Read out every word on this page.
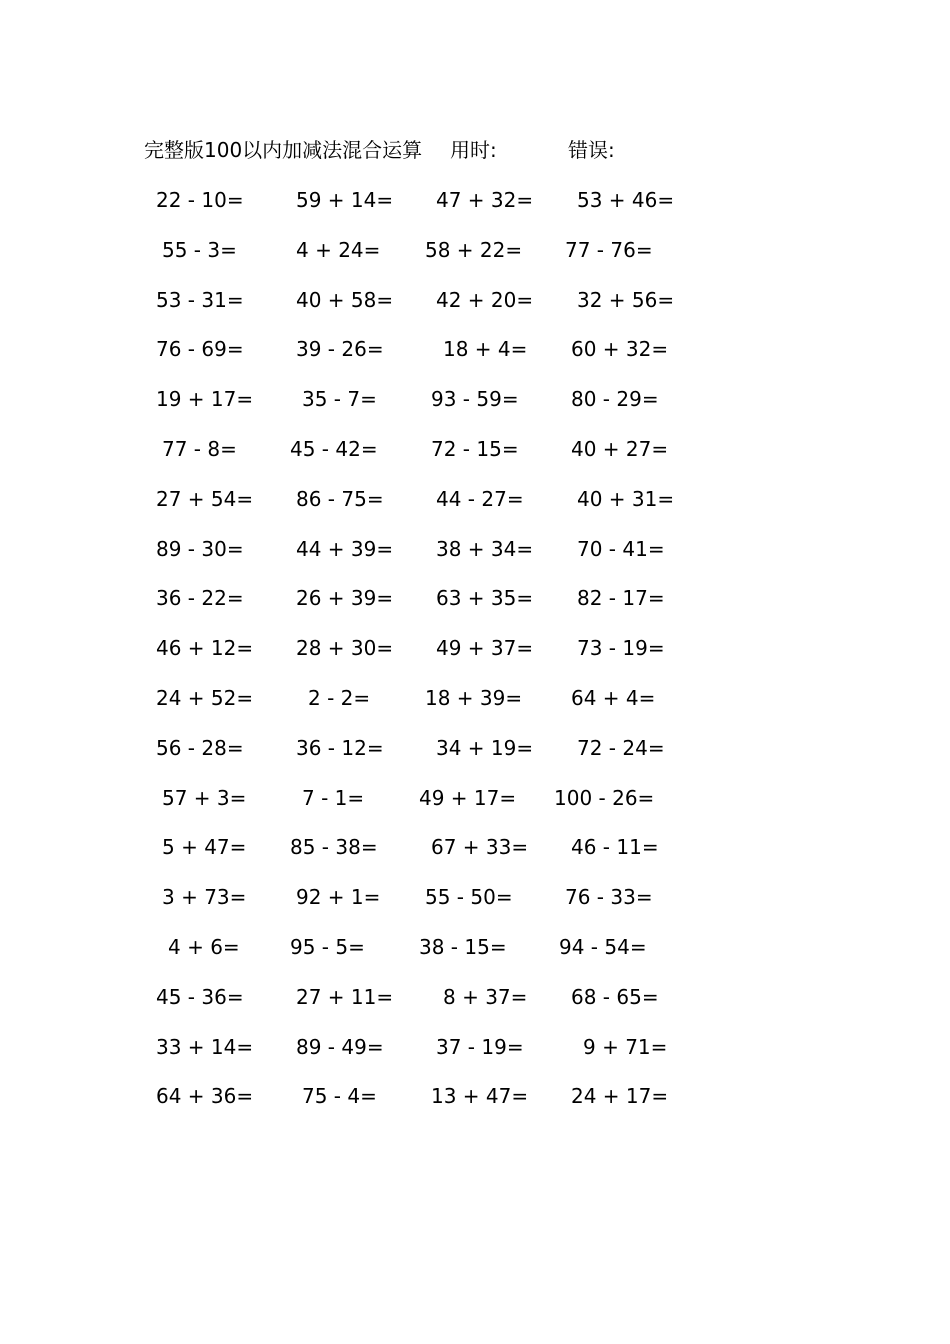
完整版100以内加减法混合运算 用时:	错误:
22 - 10=	59 + 14=	47 + 32=	53 + 46=
55 - 3=	4 + 24=	58 + 22=	77 - 76=
53 - 31=	40 + 58=	42 + 20=	32 + 56=
76 - 69=	39 - 26=	18 + 4=	60 + 32=
19 + 17=	35 - 7=	93 - 59=	80 - 29=
77 - 8=	45 - 42=	72 - 15=	40 + 27=
27 + 54=	86 - 75=	44 - 27=	40 + 31=
89 - 30=	44 + 39=	38 + 34=	70 - 41=
36 - 22=	26 + 39=	63 + 35=	82 - 17=
46 + 12=	28 + 30=	49 + 37=	73 - 19=
24 + 52=	2 - 2=	18 + 39=	64 + 4=
56 - 28=	36 - 12=	34 + 19=	72 - 24=
57 + 3=	7 - 1=	49 + 17=	100 - 26=
5 + 47=	85 - 38=	67 + 33=	46 - 11=
3 + 73=	92 + 1=	55 - 50=	76 - 33=
4 + 6=	95 - 5=	38 - 15=	94 - 54=
45 - 36=	27 + 11=	8 + 37=	68 - 65=
33 + 14=	89 - 49=	37 - 19=	9 + 71=
64 + 36=	75 - 4=	13 + 47=	24 + 17=
